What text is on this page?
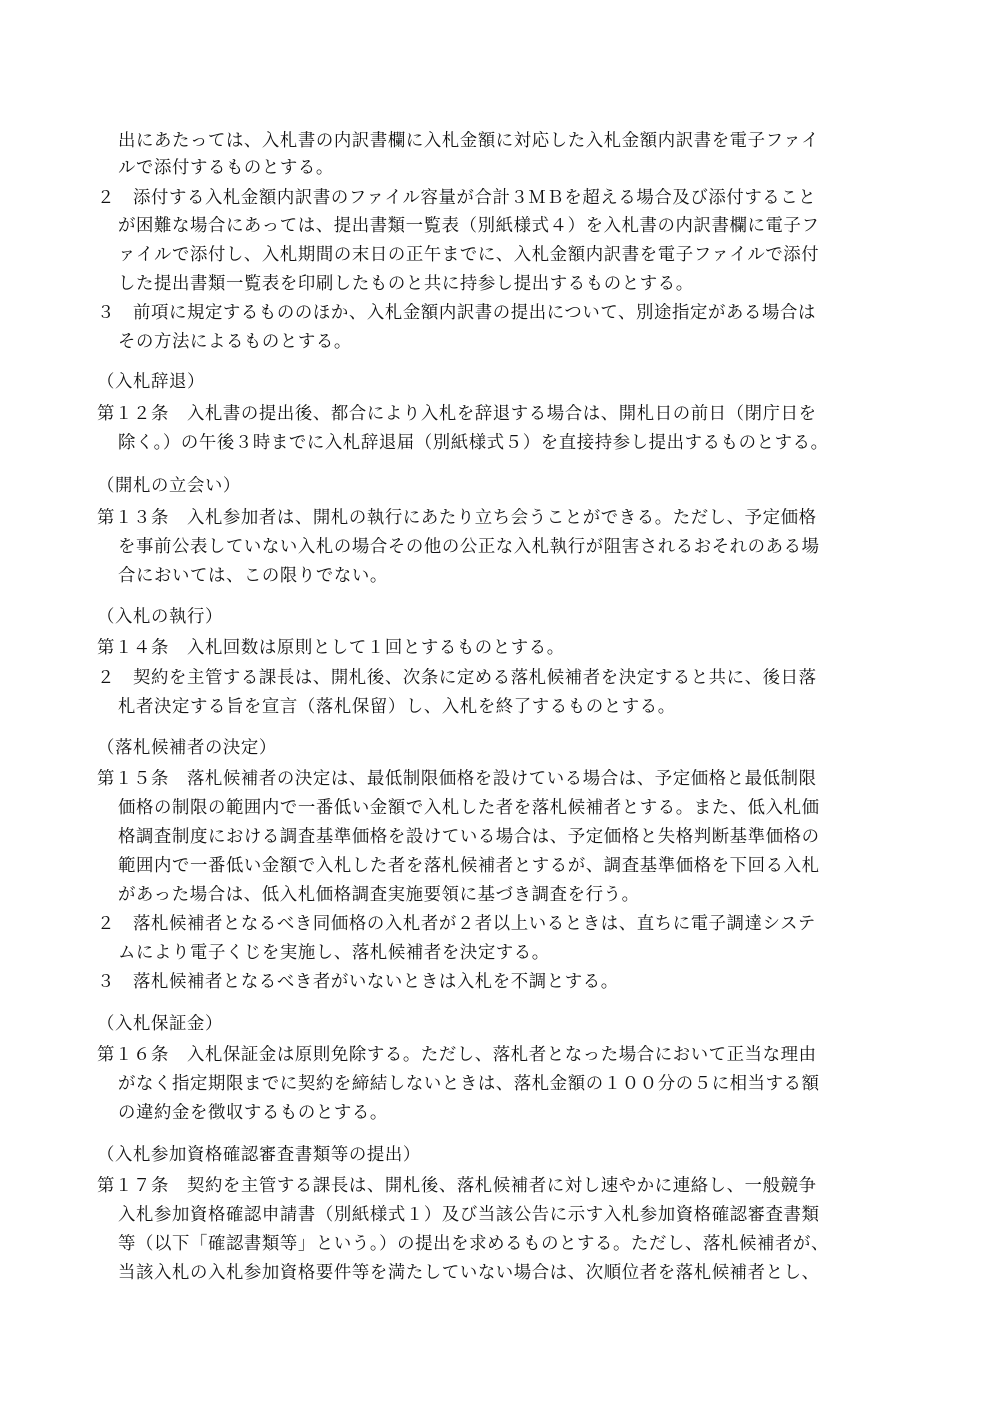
出にあたっては、入札書の内訳書欄に入札金額に対応した入札金額内訳書を電子ファイ
ルで添付するものとする。
２　添付する入札金額内訳書のファイル容量が合計３ＭＢを超える場合及び添付すること
が困難な場合にあっては、提出書類一覧表（別紙様式４）を入札書の内訳書欄に電子フ
ァイルで添付し、入札期間の末日の正午までに、入札金額内訳書を電子ファイルで添付
した提出書類一覧表を印刷したものと共に持参し提出するものとする。
３　前項に規定するもののほか、入札金額内訳書の提出について、別途指定がある場合は
その方法によるものとする。
（入札辞退）
第１２条　入札書の提出後、都合により入札を辞退する場合は、開札日の前日（閉庁日を
除く。）の午後３時までに入札辞退届（別紙様式５）を直接持参し提出するものとする。
（開札の立会い）
第１３条　入札参加者は、開札の執行にあたり立ち会うことができる。ただし、予定価格
を事前公表していない入札の場合その他の公正な入札執行が阻害されるおそれのある場
合においては、この限りでない。
（入札の執行）
第１４条　入札回数は原則として１回とするものとする。
２　契約を主管する課長は、開札後、次条に定める落札候補者を決定すると共に、後日落
札者決定する旨を宣言（落札保留）し、入札を終了するものとする。
（落札候補者の決定）
第１５条　落札候補者の決定は、最低制限価格を設けている場合は、予定価格と最低制限
価格の制限の範囲内で一番低い金額で入札した者を落札候補者とする。また、低入札価
格調査制度における調査基準価格を設けている場合は、予定価格と失格判断基準価格の
範囲内で一番低い金額で入札した者を落札候補者とするが、調査基準価格を下回る入札
があった場合は、低入札価格調査実施要領に基づき調査を行う。
２　落札候補者となるべき同価格の入札者が２者以上いるときは、直ちに電子調達システ
ムにより電子くじを実施し、落札候補者を決定する。
３　落札候補者となるべき者がいないときは入札を不調とする。
（入札保証金）
第１６条　入札保証金は原則免除する。ただし、落札者となった場合において正当な理由
がなく指定期限までに契約を締結しないときは、落札金額の１００分の５に相当する額
の違約金を徴収するものとする。
（入札参加資格確認審査書類等の提出）
第１７条　契約を主管する課長は、開札後、落札候補者に対し速やかに連絡し、一般競争
入札参加資格確認申請書（別紙様式１）及び当該公告に示す入札参加資格確認審査書類
等（以下「確認書類等」という。）の提出を求めるものとする。ただし、落札候補者が、
当該入札の入札参加資格要件等を満たしていない場合は、次順位者を落札候補者とし、
